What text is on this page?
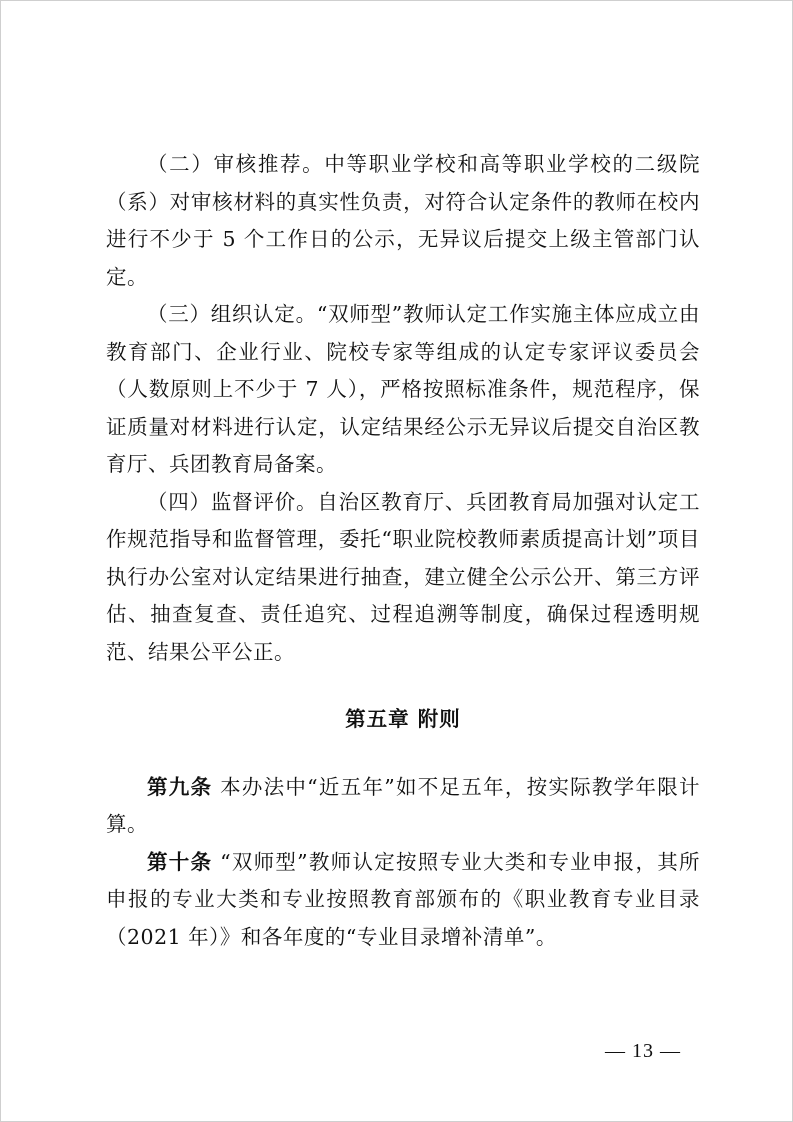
（二）审核推荐。中等职业学校和高等职业学校的二级院（系）对审核材料的真实性负责，对符合认定条件的教师在校内进行不少于 5 个工作日的公示，无异议后提交上级主管部门认定。

（三）组织认定。“双师型”教师认定工作实施主体应成立由教育部门、企业行业、院校专家等组成的认定专家评议委员会（人数原则上不少于 7 人），严格按照标准条件，规范程序，保证质量对材料进行认定，认定结果经公示无异议后提交自治区教育厅、兵团教育局备案。

（四）监督评价。自治区教育厅、兵团教育局加强对认定工作规范指导和监督管理，委托“职业院校教师素质提高计划”项目执行办公室对认定结果进行抽查，建立健全公示公开、第三方评估、抽查复查、责任追究、过程追溯等制度，确保过程透明规范、结果公平公正。

第五章 附则

第九条 本办法中“近五年”如不足五年，按实际教学年限计算。

第十条 “双师型”教师认定按照专业大类和专业申报，其所申报的专业大类和专业按照教育部颁布的《职业教育专业目录（2021 年）》和各年度的“专业目录增补清单”。

— 13 —
